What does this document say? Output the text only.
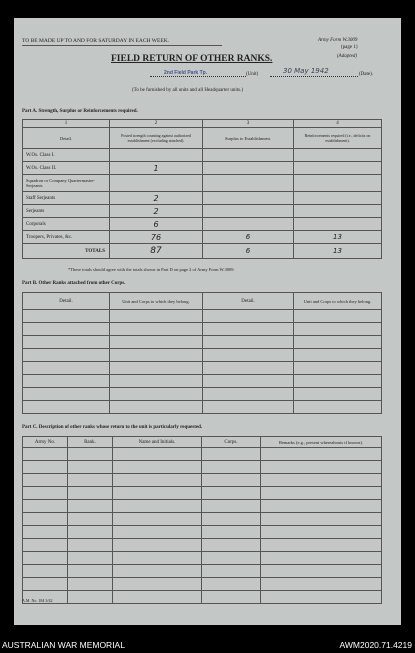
TO BE MADE UP TO AND FOR SATURDAY IN EACH WEEK.	Army Form W.3009
(page 1)
(Adapted)
FIELD RETURN OF OTHER RANKS.
2nd Field Park Tp.	(Unit)	30 May 1942	(Date).
(To be furnished by all units and all Headquarter units.)
Part A. Strength, Surplus or Reinforcements required.
1	2	3	4
Detail.	Posted strength counting against authorized establishment (excluding attached).	Surplus to Establishment.	Reinforcements required (i.e., deficits on establishment).
W.Os. Class I.			
W.Os. Class II.	1		
Squadron or Company Quartermaster-Serjeants			
Staff Serjeants	2		
Serjeants	2		
Corporals	6		
Troopers, Privates, &c.	76	6	13
TOTALS	87	6	13
*These totals should agree with the totals shown in Part D on page 2 of Army Form W.3009.
Part B. Other Ranks attached from other Corps.
Detail.	Unit and Corps to which they belong.	Detail.	Unit and Corps to which they belong.

Part C. Description of other ranks whose return to the unit is particularly requested.
Army No.	Rank.	Name and Initials.	Corps.	Remarks (e.g., present whereabouts if known).

A.M. No. 184 3/42
AUSTRALIAN WAR MEMORIAL	AWM2020.71.4219
